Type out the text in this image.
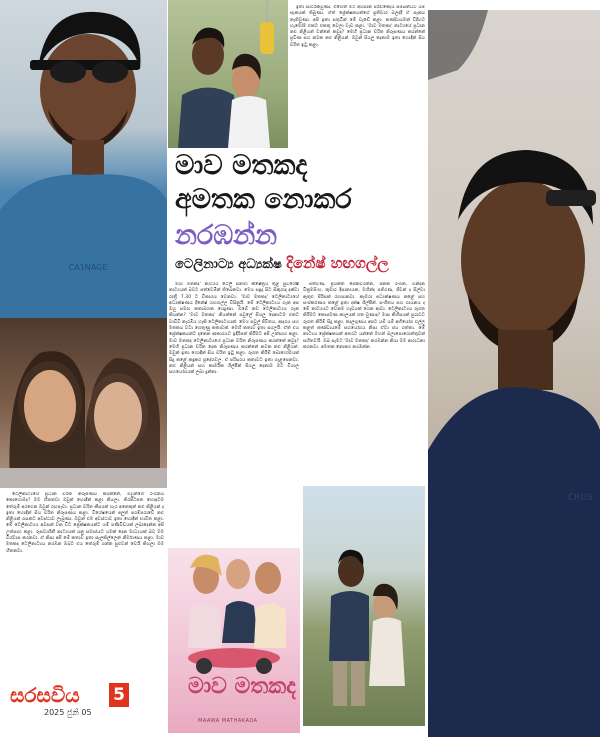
CA1NAGE
මාව මතකද
අමතක නොකර
නරඹන්න
ටෙලිනාට්‍ය අධ්‍යක්ෂ දිනේෂ් හඟගල්ල

ඉතා සාර්ථකවුණා. එහෙත් මට අවසාන පරිච්ඡේදය සම්බන්ධව යම් සැකයක් තිබුණා. ඒත් ප්‍රේක්ෂකයන්ගේ ප්‍රතිචාර බලද්දී ඒ සැකය නැතිවුණා. අපි ඉතා සතුටින් මේ වැඩේ කළා. කණ්ඩායමක් විදිහට හැමෝම එකට එකතු වෙලා වැඩ කළා. 'මාව මතකද' නාට්‍යයේ ප්‍රධාන නළු නිළියන් වන්නේ කවුද? මෙහි ප්‍රධාන චරිත නිරූපණය කරන්නේ ප්‍රවීණ සහ නවක නළු නිළියන්. ඔවුන් සියලු දෙනාම ඉතා හොඳින් සිය චරිත ඉටු කළා.

ටෙලිනාට්‍යයේ ප්‍රධාන චරිත නිරූපණය කරන්නේ, ඔවුන්ගේ රංගනය කොහොමද? මම හිතනවා ඔවුන් හොඳින් කළා කියලා. තිරපිටපත හොඳටම තේරුම් අරගෙන ඔවුන් රඟපෑවා. ප්‍රධාන චරිත කීපයක් හැර අනෙකුත් නළු නිළියන් ද ඉතා හොඳින් සිය චරිත නිරූපණය කළා. විශේෂයෙන් අලුත් පරම්පරාවේ නළු නිළියන් රැසකට අවස්ථාව ලැබුණා. ඔවුන් එම අවස්ථාව ඉතා හොඳින් භාවිත කළා. මේ ටෙලිනාට්‍යය අවසන් වන විට ප්‍රේක්ෂකයන්ට යම් පණිවිඩයක් ලබාදෙන්න අපි උත්සාහ කළා. රූපවාහිනී නාට්‍යයක් යනු සමාජයට යමක් දෙන මාධ්‍යයක් බව මම විශ්වාස කරනවා. ඒ නිසා අපි මේ කතාව ඉතා සැලකිල්ලෙන් නිර්මාණය කළා. මාව මතකද ටෙලිනාට්‍යය නරඹන ඔබට එය තේරුම් ගන්න පුළුවන් වෙයි කියලා මම හිතනවා.

මාව මතකද' නාට්‍යය ටෙලි සිනමා ක්ෂේත්‍රය තුළ සුවිශේෂී නාට්‍යයක් බවට පත්වෙමින් තිබෙනවා. මෙය සඳුදා සිට සිකුරාදා දක්වා රාත්‍රී 7.30 ට විකාශය වෙනවා. 'මාව මතකද' ටෙලිනාට්‍යයේ අධ්‍යක්ෂණය දිනේෂ් හඟගල්ල විසිනුයි. මේ ටෙලිනාට්‍යය ගැන අප ඔහු සමඟ කතාබහක යෙදුණා. ඔබේ නව ටෙලිනාට්‍යය ගැන කියන්න? 'මාව මතකද' කියන්නේ පවුලේ සියලු දෙනාටම එකට වාඩිවී නැරඹිය හැකි ටෙලිනාට්‍යයක්. මෙය පවුල් ජීවිතය, ආදරය සහ මතකය වටා ගෙතුණු කතාවක්. මෙහි කතාව ඉතා සරලයි. ඒත් එය ප්‍රේක්ෂකයන්ට දැනෙන ආකාරයට ඉදිරිපත් කිරීමට අපි උත්සාහ කළා. මාව මතකද ටෙලිනාට්‍යයේ ප්‍රධාන චරිත නිරූපණය කරන්නේ කවුද? මෙහි ප්‍රධාන චරිත දෙක නිරූපණය කරන්නේ නවක නළු නිළියන්. ඔවුන් ඉතා හොඳින් සිය චරිත ඉටු කළා. රූගත කිරීම් බොහෝමයක් සිදු කළේ කඳුකර ප්‍රදේශවල. ඒ පරිසරය කතාවට ඉතා ගැළපෙනවා. නළු නිළියන් සහ කාර්මික ශිල්පීන් සියලු දෙනාම මට විශාල සහයෝගයක් ලබා දුන්නා.

පත්වීණ, ප්‍රියන්ත සේනවිරත්න, ජනක රංගන, චන්දන වික්‍රමසිංහ, කුමාර දිසානායක, මහින්ද පතිරණ, ජීවන් ද සිල්වා ඇතුළු පිරිසක් රඟපානවා. කැමරා අධ්‍යක්ෂණය කළේ සහ සංස්කරණය කළේ ඉතා දක්ෂ ශිල්පීන්. සංගීතය සහ ගායනය ද මේ නාට්‍යයට වෙනම හැඩයක් ගෙන ආවා. ටෙලිනාට්‍යය රූගත කිරීමට කොපමණ කාලයක් ගත වුණාද? මාස කිහිපයක් පුරාවට රූගත කිරීම් සිදු කළා. කාලගුණය අපට යම් යම් අභියෝග එල්ල කළත් කණ්ඩායමේ සහයෝගය නිසා ඒවා ජය ගත්තා. මේ නාට්‍යය ප්‍රේක්ෂකයන් අතරට යන්නේ මහත් බලාපොරොත්තුවක් සහිතවයි. ඔබ සැමට 'මාව මතකද' නරඹන්න කියා මම ආරාධනා කරනවා. අමතක නොකර නරඹන්න.

CRUS
මාව මතකද
MAAWA MATHAKADA
සරසවිය 5
2025 ජුනි 05
